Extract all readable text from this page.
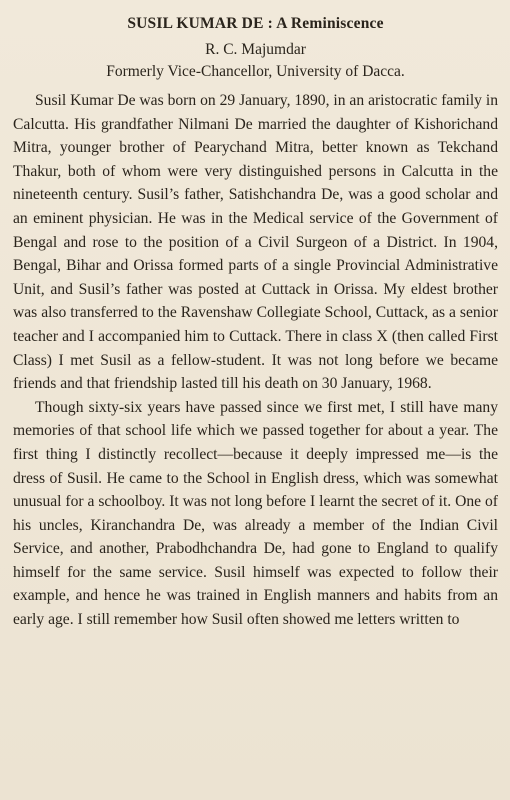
SUSIL KUMAR DE : A Reminiscence

R. C. Majumdar

Formerly Vice-Chancellor, University of Dacca.

Susil Kumar De was born on 29 January, 1890, in an aristocratic family in Calcutta. His grandfather Nilmani De married the daughter of Kishorichand Mitra, younger brother of Pearychand Mitra, better known as Tekchand Thakur, both of whom were very distinguished persons in Calcutta in the nineteenth century. Susil’s father, Satishchandra De, was a good scholar and an eminent physician. He was in the Medical service of the Government of Bengal and rose to the position of a Civil Surgeon of a District. In 1904, Bengal, Bihar and Orissa formed parts of a single Provincial Administrative Unit, and Susil’s father was posted at Cuttack in Orissa. My eldest brother was also transferred to the Ravenshaw Collegiate School, Cuttack, as a senior teacher and I accompanied him to Cuttack. There in class X (then called First Class) I met Susil as a fellow-student. It was not long before we became friends and that friendship lasted till his death on 30 January, 1968.

Though sixty-six years have passed since we first met, I still have many memories of that school life which we passed together for about a year. The first thing I distinctly recollect—because it deeply impressed me—is the dress of Susil. He came to the School in English dress, which was somewhat unusual for a schoolboy. It was not long before I learnt the secret of it. One of his uncles, Kiranchandra De, was already a member of the Indian Civil Service, and another, Prabodhchandra De, had gone to England to qualify himself for the same service. Susil himself was expected to follow their example, and hence he was trained in English manners and habits from an early age. I still remember how Susil often showed me letters written to
